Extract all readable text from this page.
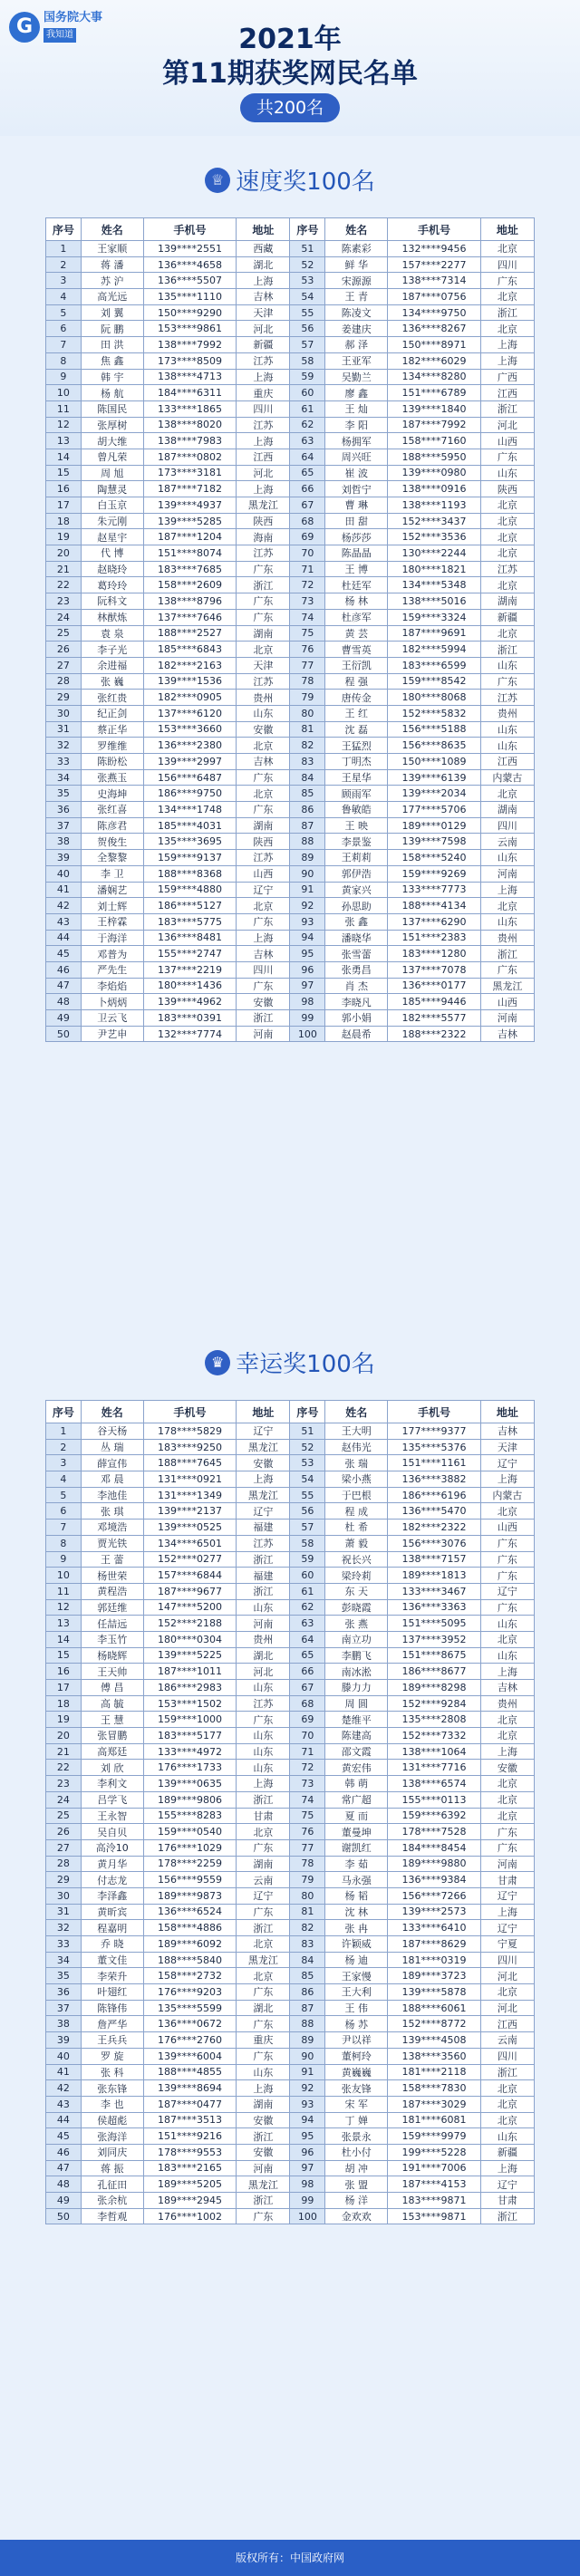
G 国务院大事
我知道	2021年
第11期获奖网民名单
共200名
♕ 速度奖100名
序号	姓名	手机号	地址	序号	姓名	手机号	地址
1	王家顺	139****2551	西藏	51	陈素彩	132****9456	北京
2	蒋 潘	136****4658	湖北	52	鲜 华	157****2277	四川
3	苏 沪	136****5507	上海	53	宋源源	138****7314	广东
4	高光远	135****1110	吉林	54	王 青	187****0756	北京
5	刘 翼	150****9290	天津	55	陈凌文	134****9750	浙江
6	阮 鹏	153****9861	河北	56	姜建庆	136****8267	北京
7	田 洪	138****7992	新疆	57	郝 泽	150****8971	上海
8	焦 鑫	173****8509	江苏	58	王亚军	182****6029	上海
9	韩 宇	138****4713	上海	59	吴勤兰	134****8280	广西
10	杨 航	184****6311	重庆	60	廖 鑫	151****6789	江西
11	陈国民	133****1865	四川	61	王 灿	139****1840	浙江
12	张厚树	138****8020	江苏	62	李 阳	187****7992	河北
13	胡大维	138****7983	上海	63	杨拥军	158****7160	山西
14	曾凡荣	187****0802	江西	64	周兴旺	188****5950	广东
15	周 旭	173****3181	河北	65	崔 波	139****0980	山东
16	陶慧灵	187****7182	上海	66	刘哲宁	138****0916	陕西
17	白玉京	139****4937	黑龙江	67	曹 琳	138****1193	北京
18	朱元刚	139****5285	陕西	68	田 甜	152****3437	北京
19	赵星宇	187****1204	海南	69	杨莎莎	152****3536	北京
20	代 博	151****8074	江苏	70	陈晶晶	130****2244	北京
21	赵晓玲	183****7685	广东	71	王 博	180****1821	江苏
22	葛玲玲	158****2609	浙江	72	杜廷军	134****5348	北京
23	阮科文	138****8796	广东	73	杨 林	138****5016	湖南
24	林猷炼	137****7646	广东	74	杜彦军	159****3324	新疆
25	袁 泉	188****2527	湖南	75	黄 芸	187****9691	北京
26	李子光	185****6843	北京	76	曹雪英	182****5994	浙江
27	余进福	182****2163	天津	77	王衍凯	183****6599	山东
28	张 巍	139****1536	江苏	78	程 强	159****8542	广东
29	张红贵	182****0905	贵州	79	唐传金	180****8068	江苏
30	纪正剑	137****6120	山东	80	王 红	152****5832	贵州
31	蔡正华	153****3660	安徽	81	沈 磊	156****5188	山东
32	罗维维	136****2380	北京	82	王猛烈	156****8635	山东
33	陈盼松	139****2997	吉林	83	丁明杰	150****1089	江西
34	张燕玉	156****6487	广东	84	王星华	139****6139	内蒙古
35	史海坤	186****9750	北京	85	顾雨军	139****2034	北京
36	张红喜	134****1748	广东	86	鲁敏皓	177****5706	湖南
37	陈彦君	185****4031	湖南	87	王 映	189****0129	四川
38	贺俊生	135****3695	陕西	88	李景鉴	139****7598	云南
39	全黎黎	159****9137	江苏	89	王莉莉	158****5240	山东
40	李 卫	188****8368	山西	90	郭伊浩	159****9269	河南
41	潘娴艺	159****4880	辽宁	91	黄家兴	133****7773	上海
42	刘士辉	186****5127	北京	92	孙思助	188****4134	北京
43	王梓霖	183****5775	广东	93	张 鑫	137****6290	山东
44	于海洋	136****8481	上海	94	潘晓华	151****2383	贵州
45	邓普为	155****2747	吉林	95	张雪蕾	183****1280	浙江
46	严先生	137****2219	四川	96	张勇昌	137****7078	广东
47	李焰焰	180****1436	广东	97	肖 杰	136****0177	黑龙江
48	卜炳炳	139****4962	安徽	98	李晓凡	185****9446	山西
49	卫云飞	183****0391	浙江	99	郭小娟	182****5577	河南
50	尹艺申	132****7774	河南	100	赵晨希	188****2322	吉林
♛ 幸运奖100名
序号	姓名	手机号	地址	序号	姓名	手机号	地址
1	谷天杨	178****5829	辽宁	51	王大明	177****9377	吉林
2	丛 瑞	183****9250	黑龙江	52	赵伟光	135****5376	天津
3	薛宣伟	188****7645	安徽	53	张 瑞	151****1161	辽宁
4	邓 晨	131****0921	上海	54	梁小燕	136****3882	上海
5	李池佳	131****1349	黑龙江	55	于巴根	186****6196	内蒙古
6	张 琪	139****2137	辽宁	56	程 成	136****5470	北京
7	邓境浩	139****0525	福建	57	杜 希	182****2322	山西
8	贾光铁	134****6501	江苏	58	萧 毅	156****3076	广东
9	王 蕾	152****0277	浙江	59	祝长兴	138****7157	广东
10	杨世荣	157****6844	福建	60	梁玲莉	189****1813	广东
11	黄程浩	187****9677	浙江	61	东 天	133****3467	辽宁
12	郭廷维	147****5200	山东	62	彭晓霞	136****3363	广东
13	任喆远	152****2188	河南	63	张 燕	151****5095	山东
14	李玉竹	180****0304	贵州	64	南立功	137****3952	北京
15	杨晓辉	139****5225	湖北	65	李鹏飞	151****8675	山东
16	王天帅	187****1011	河北	66	南冰淞	186****8677	上海
17	傅 昌	186****2983	山东	67	滕力力	189****8298	吉林
18	高 毓	153****1502	江苏	68	周 圆	152****9284	贵州
19	王 慧	159****1000	广东	69	楚维平	135****2808	北京
20	张冒鹏	183****5177	山东	70	陈建高	152****7332	北京
21	高郑廷	133****4972	山东	71	邵文霞	138****1064	上海
22	刘 欣	176****1733	山东	72	黄宏伟	131****7716	安徽
23	李利文	139****0635	上海	73	韩 萌	138****6574	北京
24	吕学飞	189****9806	浙江	74	常广超	155****0113	北京
25	王永智	155****8283	甘肃	75	夏 而	159****6392	北京
26	吴自贝	159****0540	北京	76	董曼坤	178****7528	广东
27	高泠10	176****1029	广东	77	谢凯红	184****8454	广东
28	黄月华	178****2259	湖南	78	李 茹	189****9880	河南
29	付志龙	156****9559	云南	79	马永强	136****9384	甘肃
30	李泽鑫	189****9873	辽宁	80	杨 韬	156****7266	辽宁
31	黄昕宾	136****6524	广东	81	沈 林	139****2573	上海
32	程嘉明	158****4886	浙江	82	张 冉	133****6410	辽宁
33	乔 晓	189****6092	北京	83	许颖威	187****8629	宁夏
34	董文佳	188****5840	黑龙江	84	杨 迪	181****0319	四川
35	李荣升	158****2732	北京	85	王家慢	189****3723	河北
36	叶翅红	176****9203	广东	86	王大利	139****5878	北京
37	陈锋伟	135****5599	湖北	87	王 伟	188****6061	河北
38	詹严华	136****0672	广东	88	杨 苏	152****8772	江西
39	王兵兵	176****2760	重庆	89	尹以祥	139****4508	云南
40	罗 旋	139****6004	广东	90	董柯玲	138****3560	四川
41	张 科	188****4855	山东	91	黄巍巍	181****2118	浙江
42	张东锋	139****8694	上海	92	张友锋	158****7830	北京
43	李 也	187****0477	湖南	93	宋 军	187****3029	北京
44	侯超彪	187****3513	安徽	94	丁 婵	181****6081	北京
45	张海洋	151****9216	浙江	95	张景永	159****9979	山东
46	刘同庆	178****9553	安徽	96	杜小付	199****5228	新疆
47	蒋 振	183****2165	河南	97	胡 冲	191****7006	上海
48	孔征田	189****5205	黑龙江	98	张 盟	187****4153	辽宁
49	张余杭	189****2945	浙江	99	杨 洋	183****9871	甘肃
50	李哲观	176****1002	广东	100	金欢欢	153****9871	浙江
版权所有：中国政府网
